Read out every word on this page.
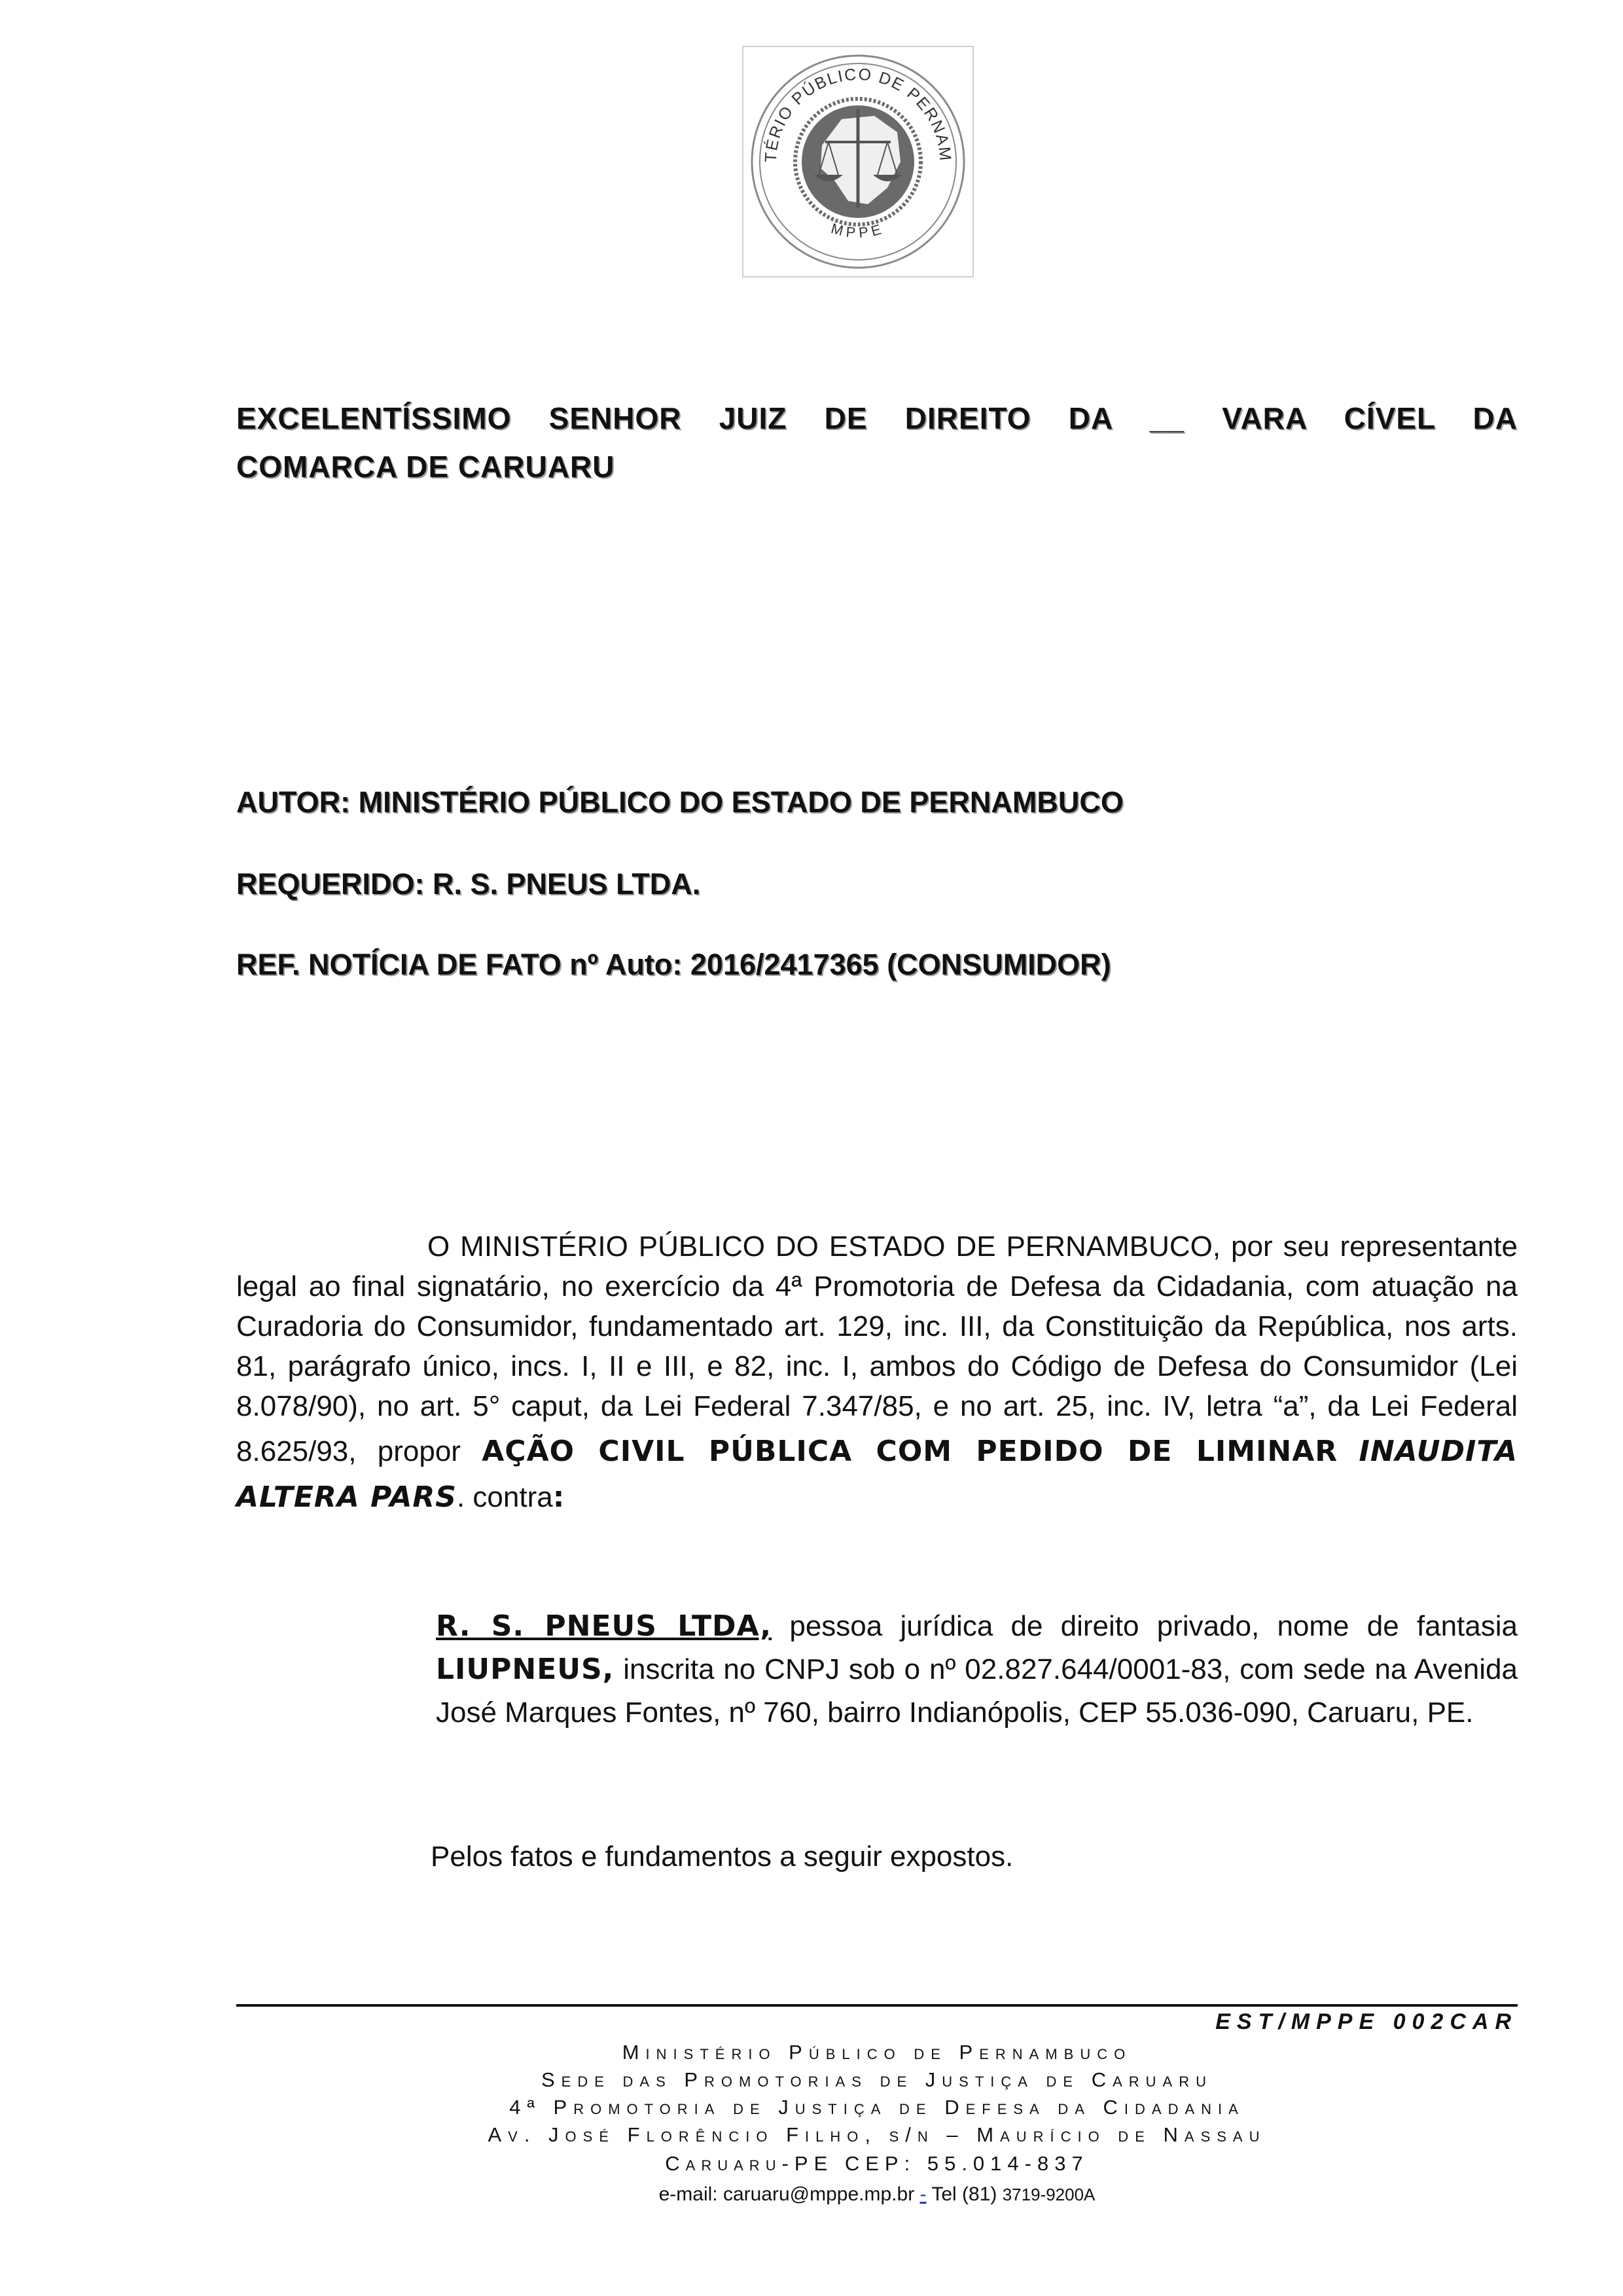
TÉRIO PÚBLICO DE PERNAM
MPPE
EXCELENTÍSSIMO SENHOR JUIZ DE DIREITO DA __ VARA CÍVEL DA
COMARCA DE CARUARU
AUTOR: MINISTÉRIO PÚBLICO DO ESTADO DE PERNAMBUCO
REQUERIDO: R. S. PNEUS LTDA.
REF. NOTÍCIA DE FATO nº Auto: 2016/2417365 (CONSUMIDOR)
O MINISTÉRIO PÚBLICO DO ESTADO DE PERNAMBUCO, por seu representante legal ao final signatário, no exercício da 4ª Promotoria de Defesa da Cidadania, com atuação na Curadoria do Consumidor, fundamentado art. 129, inc. III, da Constituição da República, nos arts. 81, parágrafo único, incs. I, II e III, e 82, inc. I, ambos do Código de Defesa do Consumidor (Lei 8.078/90), no art. 5° caput, da Lei Federal 7.347/85, e no art. 25, inc. IV, letra “a”, da Lei Federal 8.625/93, propor AÇÃO CIVIL PÚBLICA COM PEDIDO DE LIMINAR INAUDITA ALTERA PARS. contra:
R. S. PNEUS LTDA, pessoa jurídica de direito privado, nome de fantasia LIUPNEUS, inscrita no CNPJ sob o nº 02.827.644/0001-83, com sede na Avenida José Marques Fontes, nº 760, bairro Indianópolis, CEP 55.036-090, Caruaru, PE.
Pelos fatos e fundamentos a seguir expostos.
EST/MPPE 002CAR
Ministério Público de Pernambuco
Sede das Promotorias de Justiça de Caruaru
4ª Promotoria de Justiça de Defesa da Cidadania
Av. José Florêncio Filho, s/n – Maurício de Nassau
Caruaru-PE CEP: 55.014-837
e-mail: caruaru@mppe.mp.br - Tel (81) 3719-9200A
